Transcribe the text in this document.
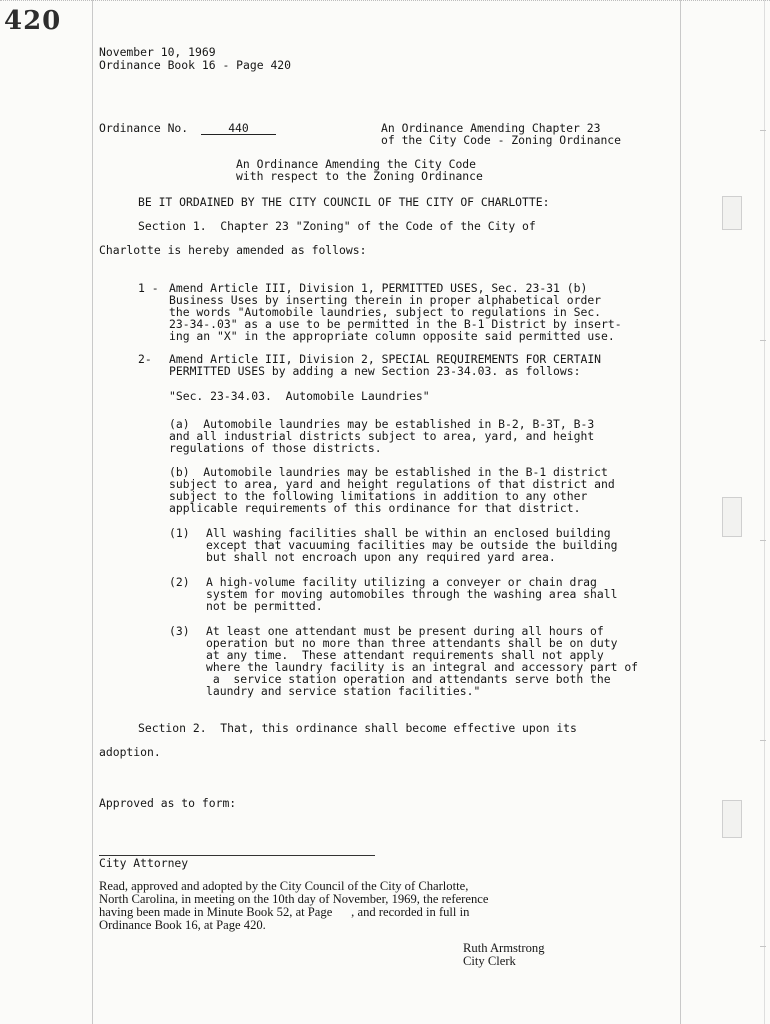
420
November 10, 1969
Ordinance Book 16 - Page 420
Ordinance No.	440	An Ordinance Amending Chapter 23
of the City Code - Zoning Ordinance
An Ordinance Amending the City Code
with respect to the Zoning Ordinance
BE IT ORDAINED BY THE CITY COUNCIL OF THE CITY OF CHARLOTTE:
Section 1.  Chapter 23 "Zoning" of the Code of the City of
Charlotte is hereby amended as follows:
1 - Amend Article III, Division 1, PERMITTED USES, Sec. 23-31 (b)
Business Uses by inserting therein in proper alphabetical order
the words "Automobile laundries, subject to regulations in Sec.
23-34-.03" as a use to be permitted in the B-1 District by insert-
ing an "X" in the appropriate column opposite said permitted use.
2- Amend Article III, Division 2, SPECIAL REQUIREMENTS FOR CERTAIN
PERMITTED USES by adding a new Section 23-34.03. as follows:
"Sec. 23-34.03.  Automobile Laundries"
(a)  Automobile laundries may be established in B-2, B-3T, B-3
and all industrial districts subject to area, yard, and height
regulations of those districts.
(b)  Automobile laundries may be established in the B-1 district
subject to area, yard and height regulations of that district and
subject to the following limitations in addition to any other
applicable requirements of this ordinance for that district.
(1) All washing facilities shall be within an enclosed building
except that vacuuming facilities may be outside the building
but shall not encroach upon any required yard area.
(2) A high-volume facility utilizing a conveyer or chain drag
system for moving automobiles through the washing area shall
not be permitted.
(3) At least one attendant must be present during all hours of
operation but no more than three attendants shall be on duty
at any time.  These attendant requirements shall not apply
where the laundry facility is an integral and accessory part of
a  service station operation and attendants serve both the
laundry and service station facilities."
Section 2.  That, this ordinance shall become effective upon its
adoption.
Approved as to form:
City Attorney
Read, approved and adopted by the City Council of the City of Charlotte,
North Carolina, in meeting on the 10th day of November, 1969, the reference
having been made in Minute Book 52, at Page      , and recorded in full in
Ordinance Book 16, at Page 420.
Ruth Armstrong
City Clerk
